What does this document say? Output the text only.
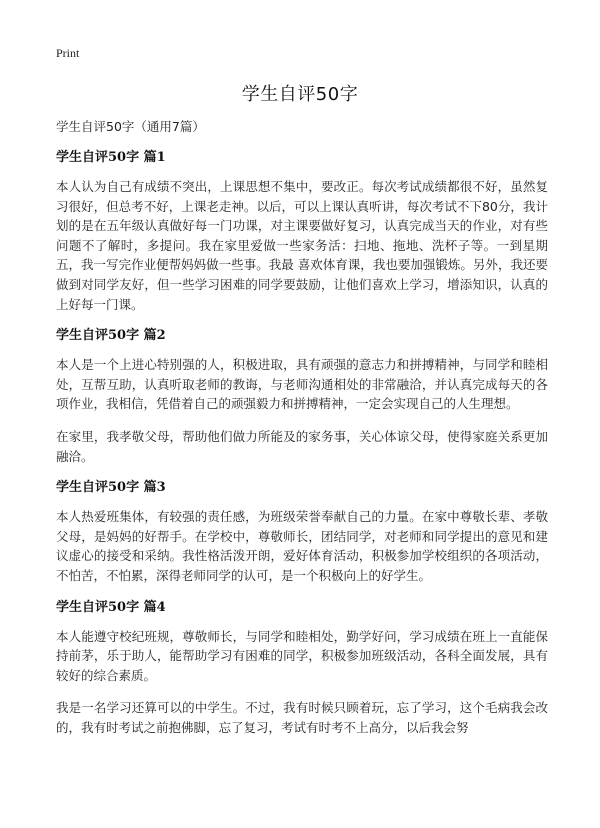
Print
学生自评50字
学生自评50字（通用7篇）
学生自评50字 篇1

本人认为自己有成绩不突出，上课思想不集中，要改正。每次考试成绩都很不好，虽然复习很好，但总考不好，上课老走神。以后，可以上课认真听讲，每次考试不下80分，我计划的是在五年级认真做好每一门功课，对主课要做好复习，认真完成当天的作业，对有些问题不了解时，多提问。我在家里爱做一些家务活：扫地、拖地、洗杯子等。一到星期五，我一写完作业便帮妈妈做一些事。我最 喜欢体育课，我也要加强锻炼。另外，我还要做到对同学友好，但一些学习困难的同学要鼓励，让他们喜欢上学习，增添知识，认真的上好每一门课。

学生自评50字 篇2

本人是一个上进心特别强的人，积极进取，具有顽强的意志力和拼搏精神，与同学和睦相处，互帮互助，认真听取老师的教诲，与老师沟通相处的非常融洽，并认真完成每天的各项作业，我相信，凭借着自己的顽强毅力和拼搏精神，一定会实现自己的人生理想。

在家里，我孝敬父母，帮助他们做力所能及的家务事，关心体谅父母，使得家庭关系更加融洽。

学生自评50字 篇3

本人热爱班集体，有较强的责任感，为班级荣誉奉献自己的力量。在家中尊敬长辈、孝敬父母，是妈妈的好帮手。在学校中，尊敬师长，团结同学，对老师和同学提出的意见和建议虚心的接受和采纳。我性格活泼开朗，爱好体育活动，积极参加学校组织的各项活动，不怕苦，不怕累，深得老师同学的认可，是一个积极向上的好学生。

学生自评50字 篇4

本人能遵守校纪班规，尊敬师长，与同学和睦相处，勤学好问，学习成绩在班上一直能保持前茅，乐于助人，能帮助学习有困难的同学，积极参加班级活动，各科全面发展，具有较好的综合素质。

我是一名学习还算可以的中学生。不过，我有时候只顾着玩，忘了学习，这个毛病我会改的，我有时考试之前抱佛脚，忘了复习，考试有时考不上高分，以后我会努
